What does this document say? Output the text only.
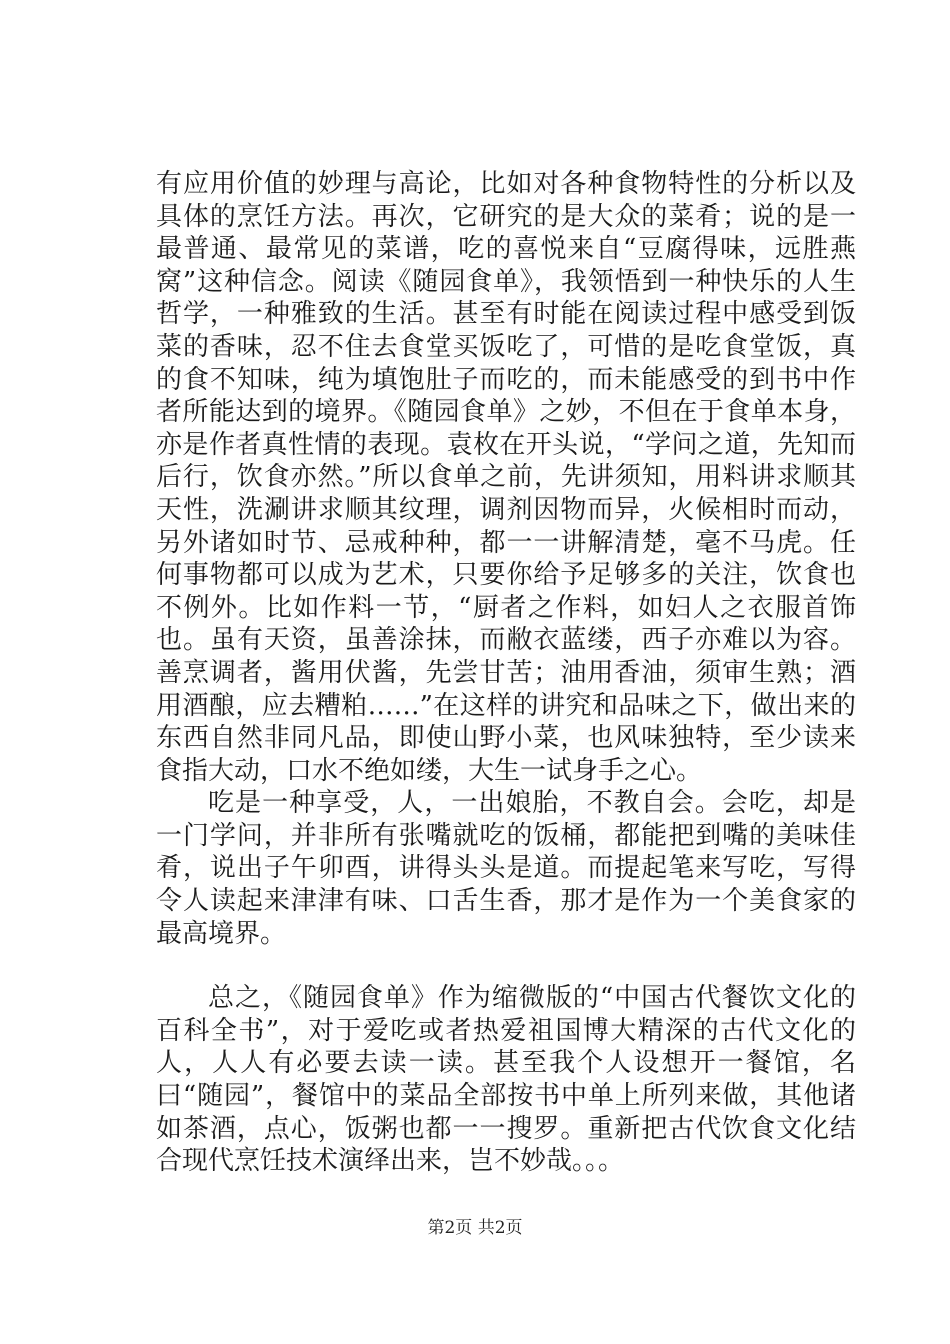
有应用价值的妙理与高论，比如对各种食物特性的分析以及具体的烹饪方法。再次，它研究的是大众的菜肴；说的是一最普通、最常见的菜谱，吃的喜悦来自“豆腐得味，远胜燕窝”这种信念。阅读《随园食单》，我领悟到一种快乐的人生哲学，一种雅致的生活。甚至有时能在阅读过程中感受到饭菜的香味，忍不住去食堂买饭吃了，可惜的是吃食堂饭，真的食不知味，纯为填饱肚子而吃的，而未能感受的到书中作者所能达到的境界。《随园食单》之妙，不但在于食单本身，亦是作者真性情的表现。袁枚在开头说，“学问之道，先知而后行，饮食亦然。”所以食单之前，先讲须知，用料讲求顺其天性，洗涮讲求顺其纹理，调剂因物而异，火候相时而动，另外诸如时节、忌戒种种，都一一讲解清楚，毫不马虎。任何事物都可以成为艺术，只要你给予足够多的关注，饮食也不例外。比如作料一节，“厨者之作料，如妇人之衣服首饰也。虽有天资，虽善涂抹，而敝衣蓝缕，西子亦难以为容。善烹调者，酱用伏酱，先尝甘苦；油用香油，须审生熟；酒用酒酿，应去糟粕……”在这样的讲究和品味之下，做出来的东西自然非同凡品，即使山野小菜，也风味独特，至少读来食指大动，口水不绝如缕，大生一试身手之心。

吃是一种享受，人，一出娘胎，不教自会。会吃，却是一门学问，并非所有张嘴就吃的饭桶，都能把到嘴的美味佳肴，说出子午卯酉，讲得头头是道。而提起笔来写吃，写得令人读起来津津有味、口舌生香，那才是作为一个美食家的最高境界。

总之，《随园食单》作为缩微版的“中国古代餐饮文化的百科全书”，对于爱吃或者热爱祖国博大精深的古代文化的人，人人有必要去读一读。甚至我个人设想开一餐馆，名曰“随园”，餐馆中的菜品全部按书中单上所列来做，其他诸如茶酒，点心，饭粥也都一一搜罗。重新把古代饮食文化结合现代烹饪技术演绎出来，岂不妙哉。。。

第2页 共2页
